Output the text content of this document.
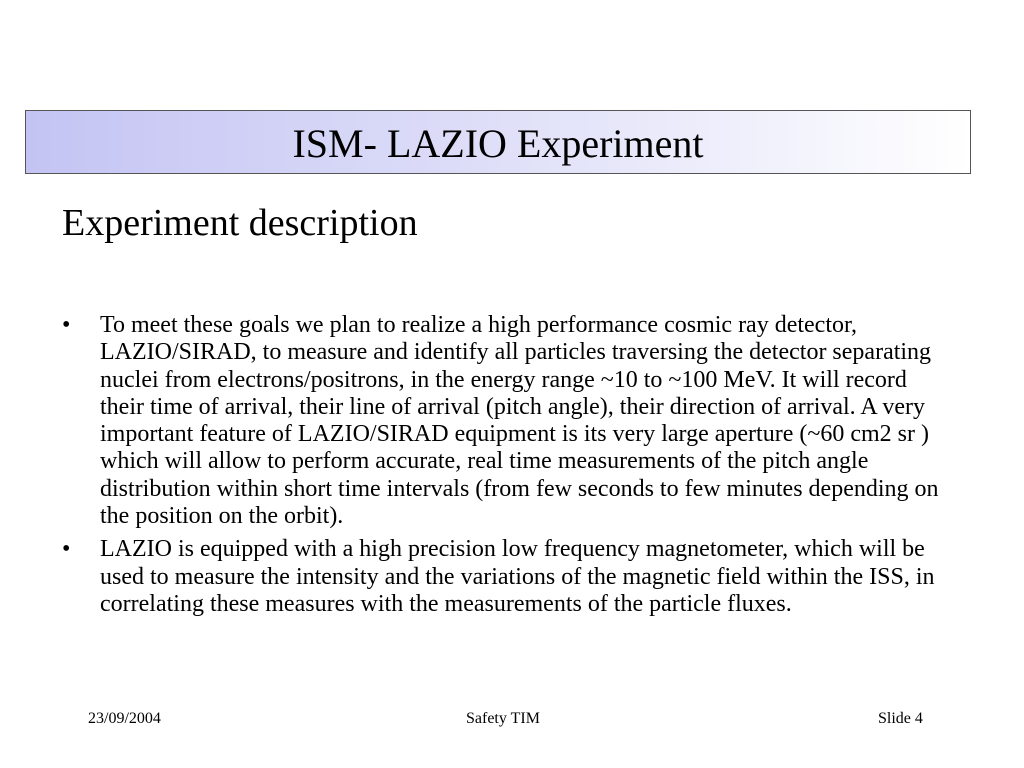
ISM- LAZIO Experiment
Experiment description
• To meet these goals we plan to realize a high performance cosmic ray detector, LAZIO/SIRAD, to measure and identify all particles traversing the detector separating nuclei from electrons/positrons, in the energy range ~10 to ~100 MeV. It will record their time of arrival, their line of arrival (pitch angle), their direction of arrival. A very important feature of LAZIO/SIRAD equipment is its very large aperture (~60 cm2 sr ) which will allow to perform accurate, real time measurements of the pitch angle distribution within short time intervals (from few seconds to few minutes depending on the position on the orbit).
• LAZIO is equipped with a high precision low frequency magnetometer, which will be used to measure the intensity and the variations of the magnetic field within the ISS, in correlating these measures with the measurements of the particle fluxes.
23/09/2004	Safety TIM	Slide 4
